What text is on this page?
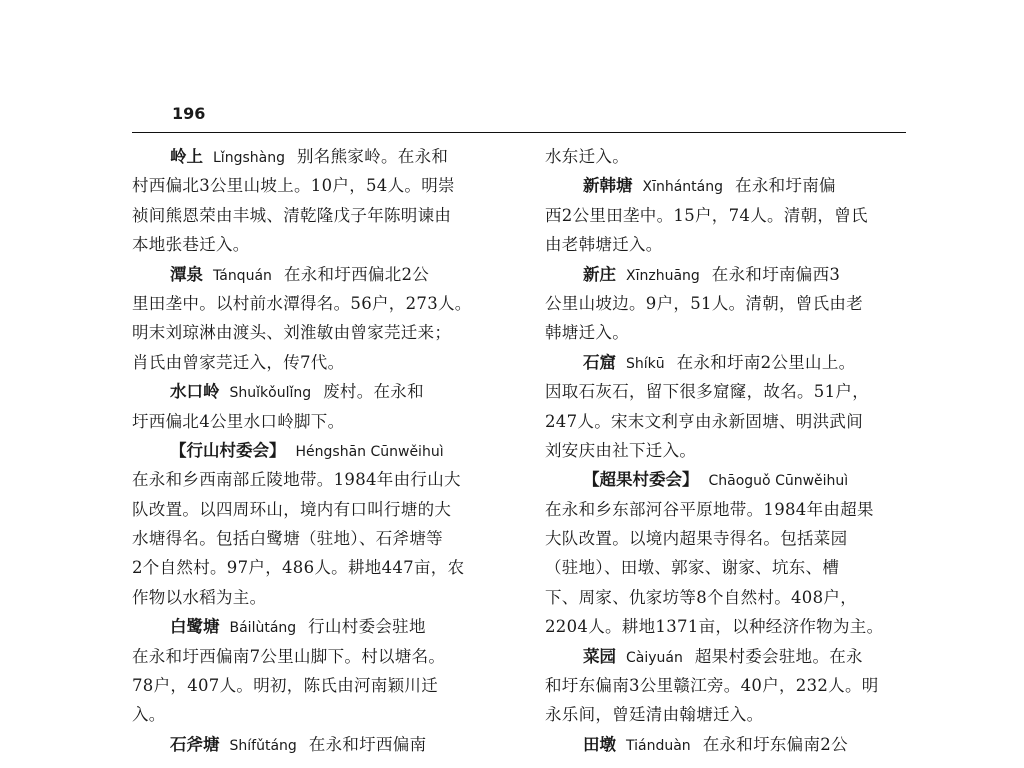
196
岭上 Lǐngshàng 别名熊家岭。在永和
村西偏北3公里山坡上。10户，54人。明崇
祯间熊恩荣由丰城、清乾隆戊子年陈明谏由
本地张巷迁入。
潭泉 Tánquán 在永和圩西偏北2公
里田垄中。以村前水潭得名。56户，273人。
明末刘琼淋由渡头、刘淮敏由曾家芫迁来；
肖氏由曾家芫迁入，传7代。
水口岭 Shuǐkǒulǐng 废村。在永和
圩西偏北4公里水口岭脚下。
【行山村委会】 Héngshān Cūnwěihuì
在永和乡西南部丘陵地带。1984年由行山大
队改置。以四周环山，境内有口叫行塘的大
水塘得名。包括白鹭塘（驻地）、石斧塘等
2个自然村。97户，486人。耕地447亩，农
作物以水稻为主。
白鹭塘 Báilùtáng 行山村委会驻地
在永和圩西偏南7公里山脚下。村以塘名。
78户，407人。明初，陈氏由河南颖川迁
入。
石斧塘 Shífǔtáng 在永和圩西偏南
水东迁入。
新韩塘 Xīnhántáng 在永和圩南偏
西2公里田垄中。15户，74人。清朝，曾氏
由老韩塘迁入。
新庄 Xīnzhuāng 在永和圩南偏西3
公里山坡边。9户，51人。清朝，曾氏由老
韩塘迁入。
石窟 Shíkū 在永和圩南2公里山上。
因取石灰石，留下很多窟窿，故名。51户，
247人。宋末文利亨由永新固塘、明洪武间
刘安庆由社下迁入。
【超果村委会】 Chāoguǒ Cūnwěihuì
在永和乡东部河谷平原地带。1984年由超果
大队改置。以境内超果寺得名。包括菜园
（驻地）、田墩、郭家、谢家、坑东、槽
下、周家、仇家坊等8个自然村。408户，
2204人。耕地1371亩，以种经济作物为主。
菜园 Càiyuán 超果村委会驻地。在永
和圩东偏南3公里赣江旁。40户，232人。明
永乐间，曾廷清由翰塘迁入。
田墩 Tiánduàn 在永和圩东偏南2公
